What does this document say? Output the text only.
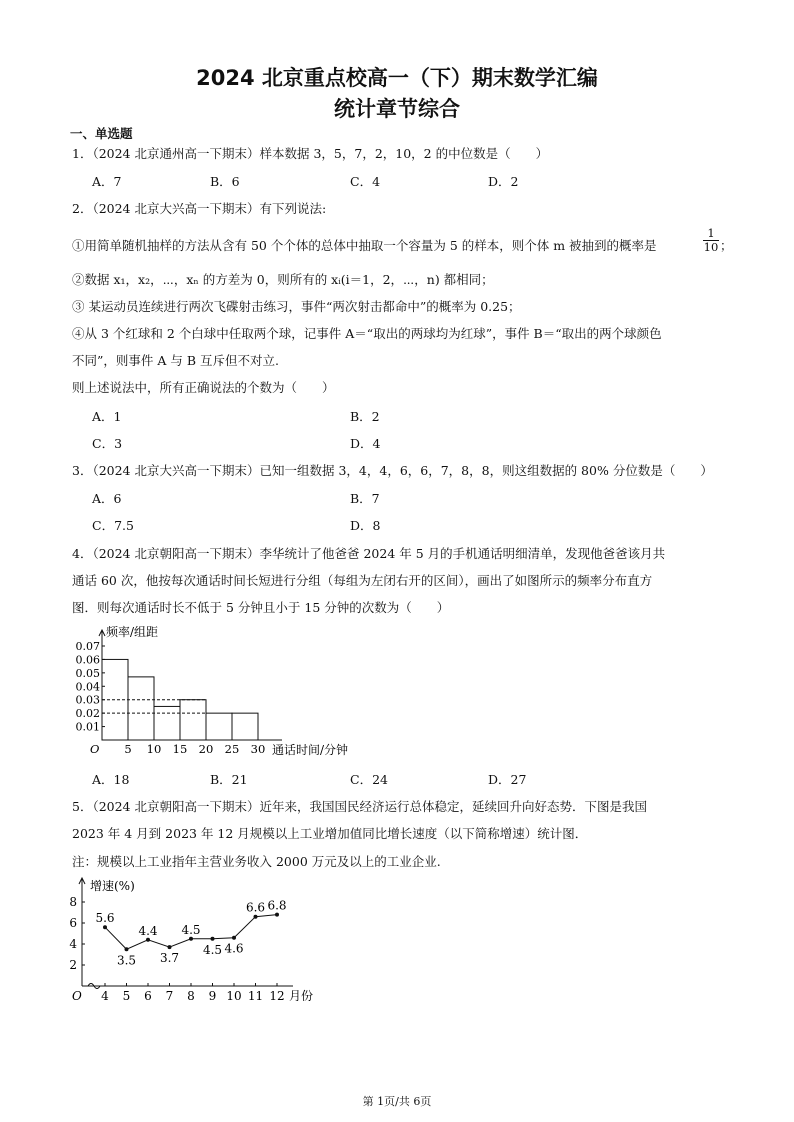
2024 北京重点校高一（下）期末数学汇编
统计章节综合
一、单选题
1．（2024 北京通州高一下期末）样本数据 3，5，7，2，10，2 的中位数是（　　）
A．7	B．6	C．4	D．2
2．（2024 北京大兴高一下期末）有下列说法:
①用简单随机抽样的方法从含有 50 个个体的总体中抽取一个容量为 5 的样本，则个体 m 被抽到的概率是	$\frac{1}{10}$ ；
②数据 x₁，x₂，⋯，xₙ 的方差为 0，则所有的 xᵢ(i＝1，2，⋯，n) 都相同；
③ 某运动员连续进行两次飞碟射击练习，事件“两次射击都命中”的概率为 0.25；
④从 3 个红球和 2 个白球中任取两个球，记事件 A＝“取出的两球均为红球”，事件 B＝“取出的两个球颜色
不同”，则事件 A 与 B 互斥但不对立.
则上述说法中，所有正确说法的个数为（　　）
A．1	B．2
C．3	D．4
3．（2024 北京大兴高一下期末）已知一组数据 3，4，4，6，6，7，8，8，则这组数据的 80% 分位数是（　　）
A．6	B．7
C．7.5	D．8
4．（2024 北京朝阳高一下期末）李华统计了他爸爸 2024 年 5 月的手机通话明细清单，发现他爸爸该月共
通话 60 次，他按每次通话时间长短进行分组（每组为左闭右开的区间），画出了如图所示的频率分布直方
图．则每次通话时长不低于 5 分钟且小于 15 分钟的次数为（　　）
0.07
0.06
0.05
0.04
0.03
0.02
0.01
5 10 15 20 25 30
O	通话时间/分钟
频率/组距
A．18	B．21	C．24	D．27
5．（2024 北京朝阳高一下期末）近年来，我国国民经济运行总体稳定，延续回升向好态势．下图是我国
2023 年 4 月到 2023 年 12 月规模以上工业增加值同比增长速度（以下简称增速）统计图．
注：规模以上工业指年主营业务收入 2000 万元及以上的工业企业.
2
4
6
8
4 5 6 7 8 9 10 11 12
O	月份
增速(%)
5.6
3.5
4.4
3.7
4.5
4.5 4.6
6.6 6.8
第 1页/共 6页
